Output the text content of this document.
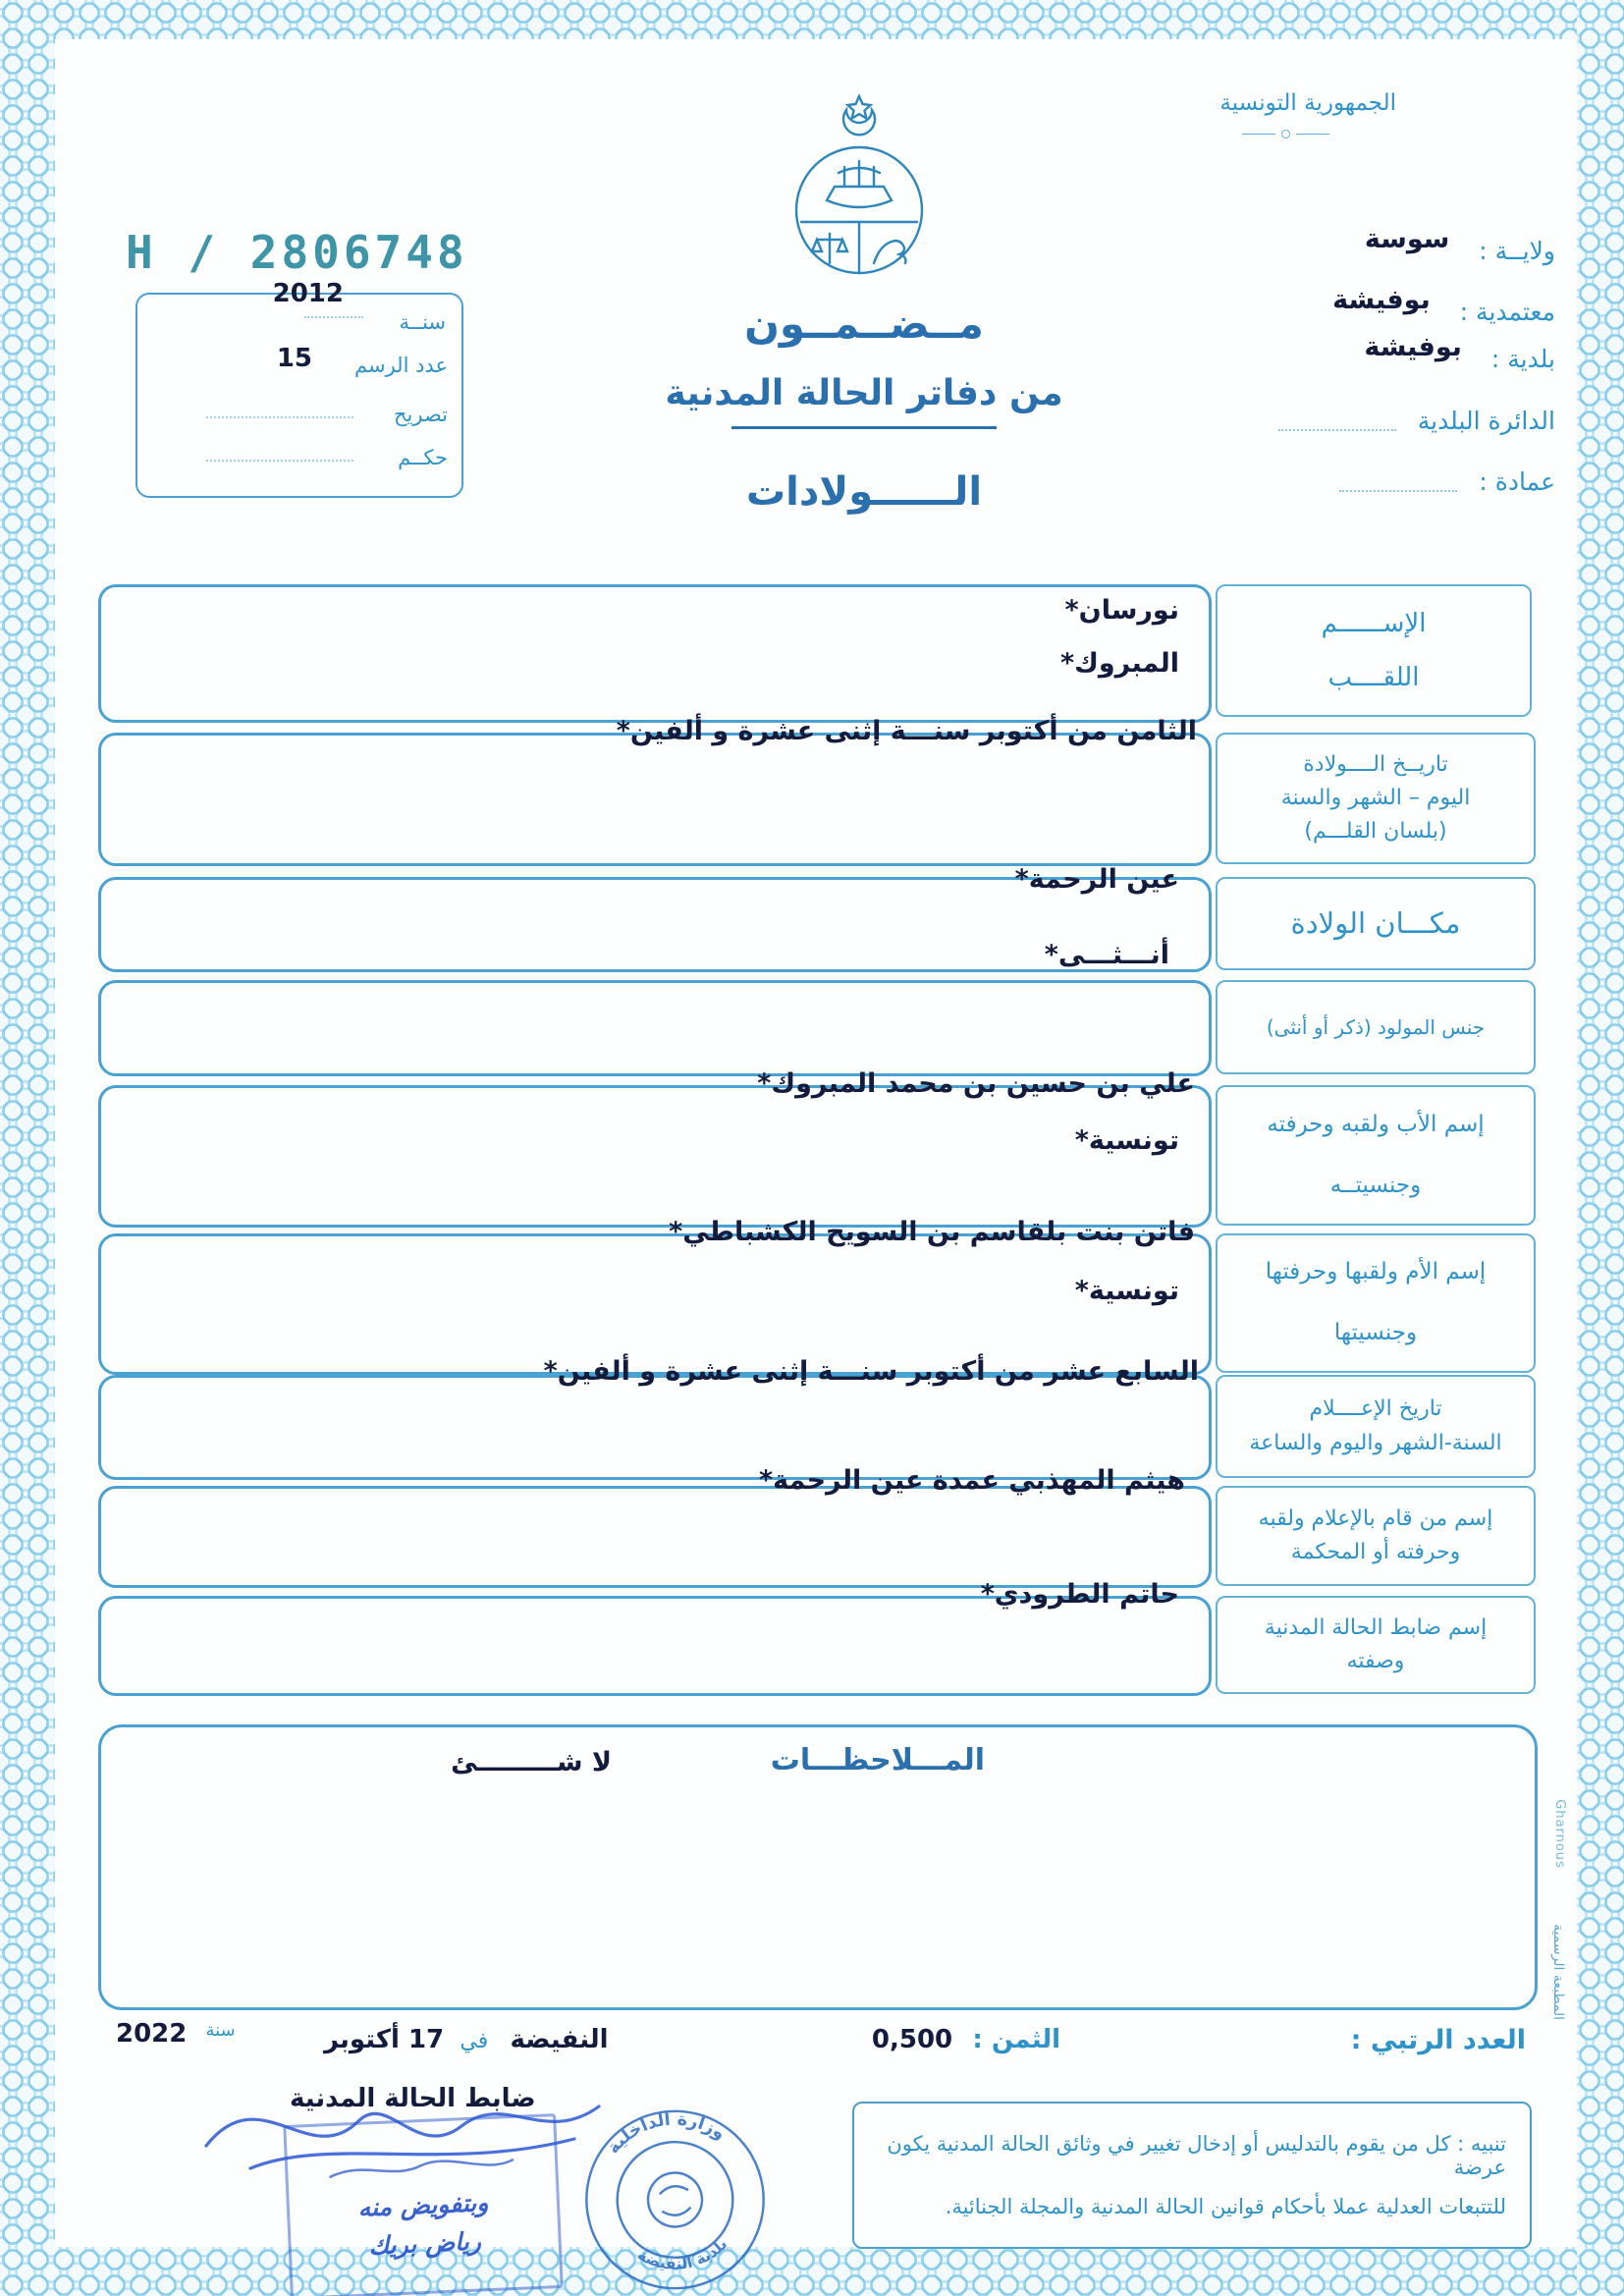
الجمهورية التونسية
H / 2806748
2012
سنــة
15 عدد الرسم
تصريح
حكــم
مــضــمــون
من دفاتر الحالة المدنية
الــــــولادات
ولايــة : سوسة
معتمدية : بوفيشة
بلدية : بوفيشة
الدائرة البلدية
عمادة :
نورسان*
المبروك*
الإســــــم
اللقــــب
الثامن من أكتوبر سنـــة إثنى عشرة و ألفين*
تاريــخ الــــولادة
اليوم – الشهر والسنة
(بلسان القلـــم)
عين الرحمة*
مكـــان الولادة
أنـــثـــى*
جنس المولود (ذكر أو أنثى)
علي بن حسين بن محمد المبروك*
تونسية*
إسم الأب ولقبه وحرفته
وجنسيتــه
فاتن بنت بلقاسم بن السويح الكشباطي*
تونسية*
إسم الأم ولقبها وحرفتها
وجنسيتها
السابع عشر من أكتوبر سنـــة إثنى عشرة و ألفين*
تاريخ الإعــــلام
السنة-الشهر واليوم والساعة
هيثم المهذبي عمدة عين الرحمة*
إسم من قام بالإعلام ولقبه
وحرفته أو المحكمة
حاتم الطرودي*
إسم ضابط الحالة المدنية
وصفته
المـــلاحظـــات
لا شـــــــــئ
العدد الرتبي :
الثمن : 0,500
النفيضة في 17 أكتوبر
سنة 2022
ضابط الحالة المدنية
تنبيه : كل من يقوم بالتدليس أو إدخال تغيير في وثائق الحالة المدنية يكون عرضة
للتتبعات العدلية عملا بأحكام قوانين الحالة المدنية والمجلة الجنائية.
وبتفويض منه
رياض بريك
وزارة الداخلية
بلدية النفيضة
Gharnous
المطبعة الرسمية
